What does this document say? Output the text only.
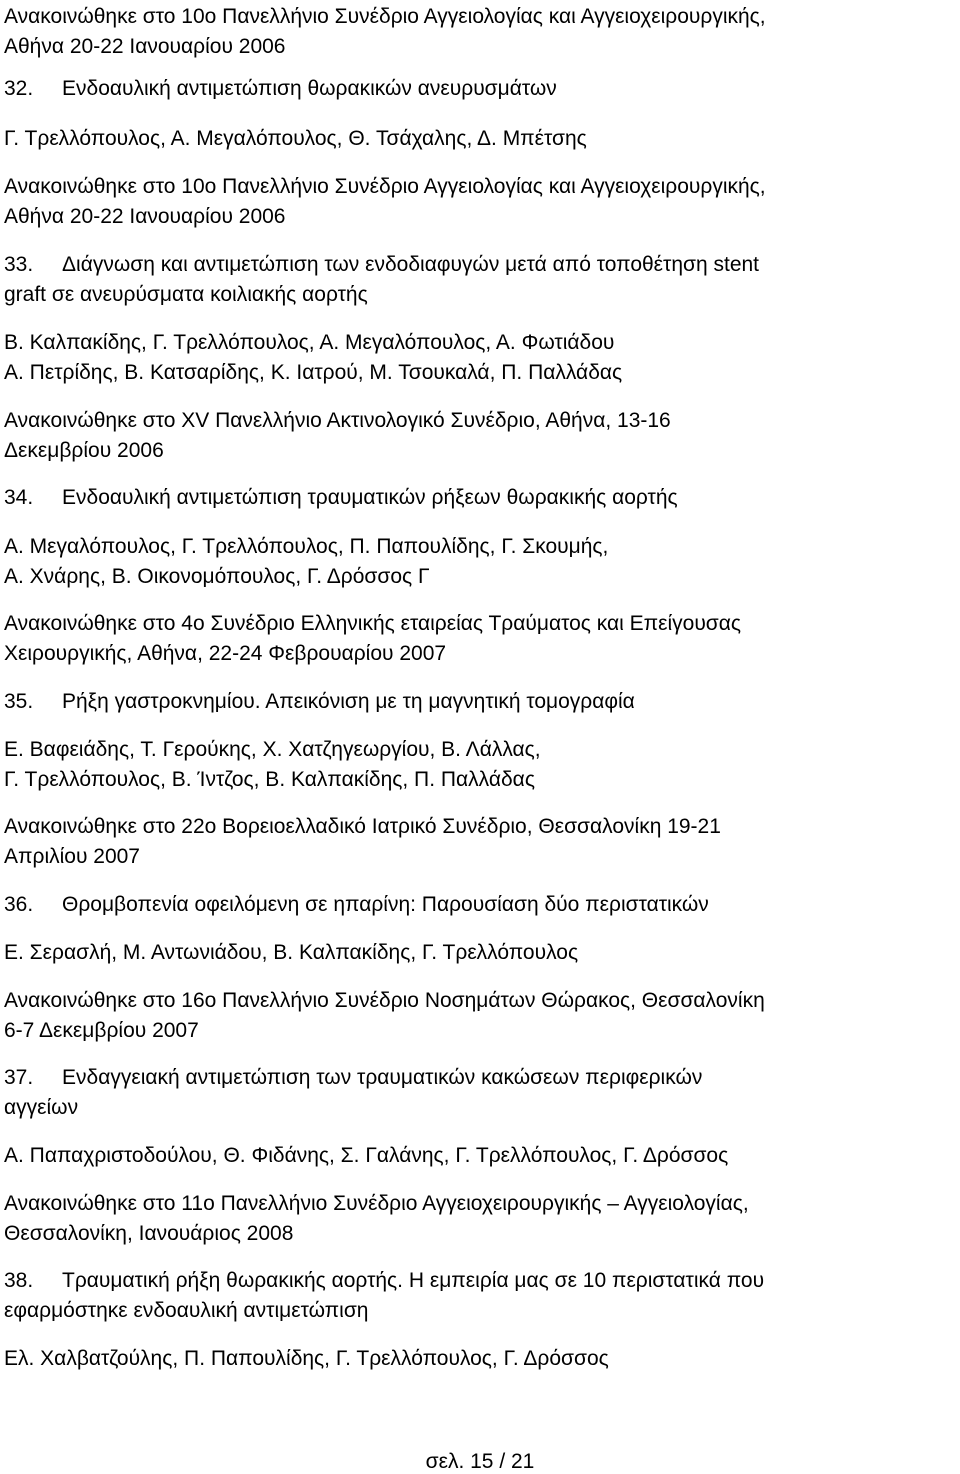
Ανακοινώθηκε στο 10ο Πανελλήνιο Συνέδριο Αγγειολογίας και Αγγειοχειρουργικής,
Αθήνα 20-22 Ιανουαρίου 2006
32.	Ενδοαυλική αντιμετώπιση θωρακικών ανευρυσμάτων
Γ. Τρελλόπουλος, Α. Μεγαλόπουλος, Θ. Τσάχαλης, Δ. Μπέτσης
Ανακοινώθηκε στο 10ο Πανελλήνιο Συνέδριο Αγγειολογίας και Αγγειοχειρουργικής,
Αθήνα 20-22 Ιανουαρίου 2006
33.	Διάγνωση και αντιμετώπιση των ενδοδιαφυγών μετά από τοποθέτηση stent
graft σε ανευρύσματα κοιλιακής αορτής
Β. Καλπακίδης, Γ. Τρελλόπουλος, Α. Μεγαλόπουλος, Α. Φωτιάδου
Α. Πετρίδης, Β. Κατσαρίδης, Κ. Ιατρού, Μ. Τσουκαλά, Π. Παλλάδας
Ανακοινώθηκε στο XV Πανελλήνιο Ακτινολογικό Συνέδριο, Αθήνα, 13-16
Δεκεμβρίου 2006
34.	Ενδοαυλική αντιμετώπιση τραυματικών ρήξεων θωρακικής αορτής
Α. Μεγαλόπουλος, Γ. Τρελλόπουλος, Π. Παπουλίδης, Γ. Σκουμής,
Α. Χνάρης, Β. Οικονομόπουλος, Γ. Δρόσσος Γ
Ανακοινώθηκε στο 4ο Συνέδριο Ελληνικής εταιρείας Τραύματος και Επείγουσας
Χειρουργικής, Αθήνα, 22-24 Φεβρουαρίου 2007
35.	Ρήξη γαστροκνημίου. Απεικόνιση με τη μαγνητική τομογραφία
Ε. Βαφειάδης, Τ. Γερούκης, Χ. Χατζηγεωργίου, Β. Λάλλας,
Γ. Τρελλόπουλος, Β. Ίντζος, Β. Καλπακίδης, Π. Παλλάδας
Ανακοινώθηκε στο 22ο Βορειοελλαδικό Ιατρικό Συνέδριο, Θεσσαλονίκη 19-21
Απριλίου 2007
36.	Θρομβοπενία οφειλόμενη σε ηπαρίνη: Παρουσίαση δύο περιστατικών
Ε. Σερασλή, Μ. Αντωνιάδου, Β. Καλπακίδης, Γ. Τρελλόπουλος
Ανακοινώθηκε στο 16ο Πανελλήνιο Συνέδριο Νοσημάτων Θώρακος, Θεσσαλονίκη
6-7 Δεκεμβρίου 2007
37.	Ενδαγγειακή αντιμετώπιση των τραυματικών κακώσεων περιφερικών
αγγείων
Α. Παπαχριστοδούλου, Θ. Φιδάνης, Σ. Γαλάνης, Γ. Τρελλόπουλος, Γ. Δρόσσος
Ανακοινώθηκε στο 11ο Πανελλήνιο Συνέδριο Αγγειοχειρουργικής – Αγγειολογίας,
Θεσσαλονίκη, Ιανουάριος 2008
38.	Τραυματική ρήξη θωρακικής αορτής. Η εμπειρία μας σε 10 περιστατικά που
εφαρμόστηκε ενδοαυλική αντιμετώπιση
Ελ. Χαλβατζούλης, Π. Παπουλίδης, Γ. Τρελλόπουλος, Γ. Δρόσσος
σελ. 15 / 21
